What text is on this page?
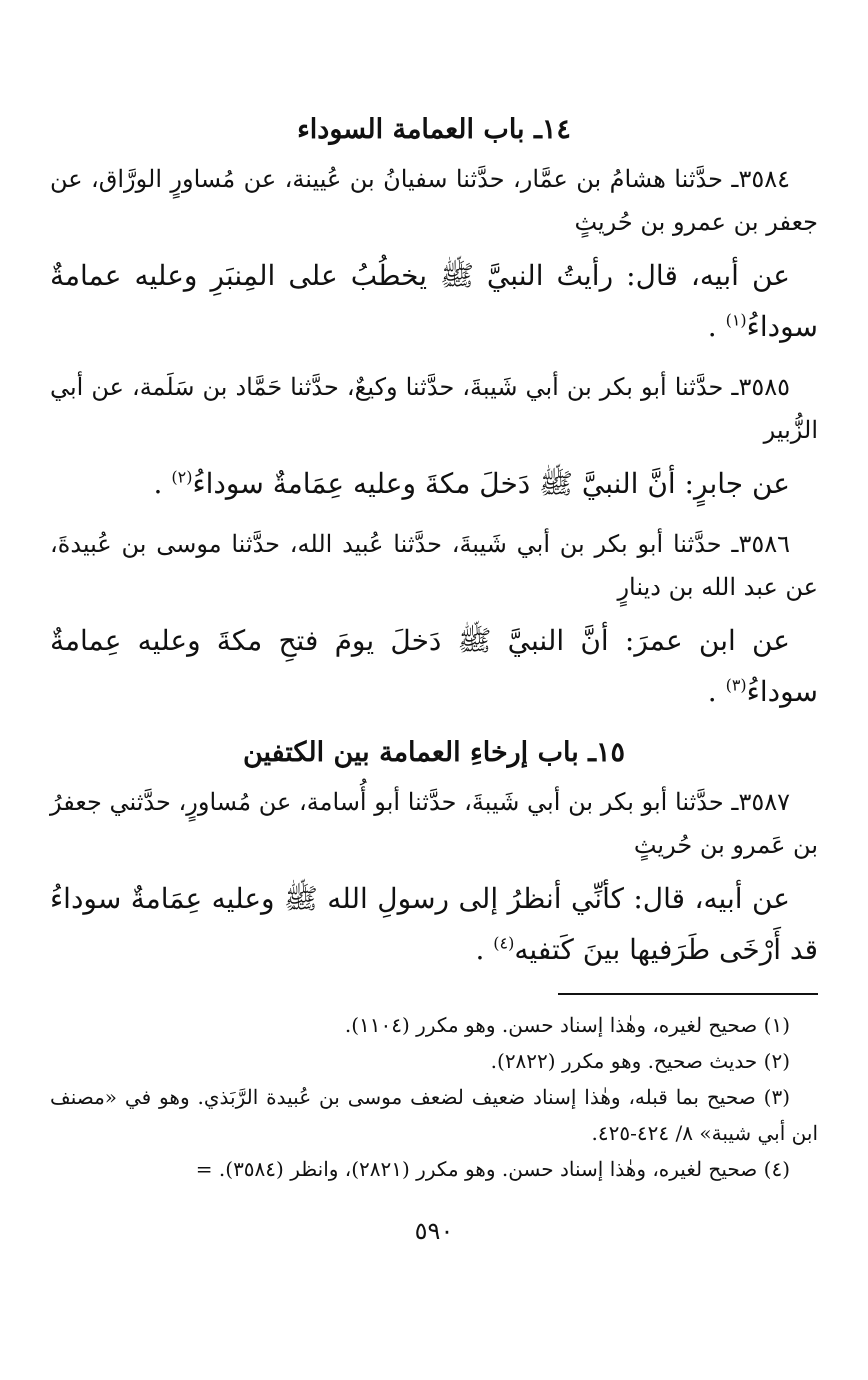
١٤ـ باب العمامة السوداء

٣٥٨٤ـ حدَّثنا هشامُ بن عمَّار، حدَّثنا سفيانُ بن عُيينة، عن مُساورٍ الورَّاق، عن جعفر بن عمرو بن حُريثٍ

عن أبيه، قال: رأيتُ النبيَّ ﷺ يخطُبُ على المِنبَرِ وعليه عمامةٌ سوداءُ$^{(١)}$ .

٣٥٨٥ـ حدَّثنا أبو بكر بن أبي شَيبةَ، حدَّثنا وكيعٌ، حدَّثنا حَمَّاد بن سَلَمة، عن أبي الزُّبير

عن جابرٍ: أنَّ النبيَّ ﷺ دَخلَ مكةَ وعليه عِمَامةٌ سوداءُ$^{(٢)}$ .

٣٥٨٦ـ حدَّثنا أبو بكر بن أبي شَيبةَ، حدَّثنا عُبيد الله، حدَّثنا موسى بن عُبيدةَ، عن عبد الله بن دينارٍ

عن ابن عمرَ: أنَّ النبيَّ ﷺ دَخلَ يومَ فتحِ مكةَ وعليه عِمامةٌ سوداءُ$^{(٣)}$ .

١٥ـ باب إرخاءِ العمامة بين الكتفين

٣٥٨٧ـ حدَّثنا أبو بكر بن أبي شَيبةَ، حدَّثنا أبو أُسامة، عن مُساورٍ، حدَّثني جعفرُ بن عَمرو بن حُريثٍ

عن أبيه، قال: كأنِّي أنظرُ إلى رسولِ الله ﷺ وعليه عِمَامةٌ سوداءُ قد أَرْخَى طَرَفيها بينَ كَتفيه$^{(٤)}$ .

(١) صحيح لغيره، وهٰذا إسناد حسن. وهو مكرر (١١٠٤).

(٢) حديث صحيح. وهو مكرر (٢٨٢٢).

(٣) صحيح بما قبله، وهٰذا إسناد ضعيف لضعف موسى بن عُبيدة الرَّبَذي. وهو في «مصنف ابن أبي شيبة» ٨/ ٤٢٤-٤٢٥.

(٤) صحيح لغيره، وهٰذا إسناد حسن. وهو مكرر (٢٨٢١)، وانظر (٣٥٨٤). =

٥٩٠
